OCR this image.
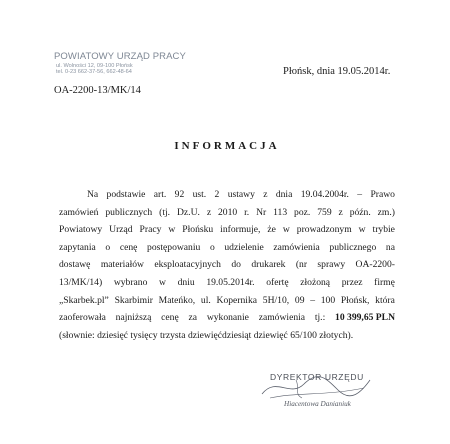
POWIATOWY URZĄD PRACY
ul. Wolności 12, 09-100 Płońsk
tel. 0-23 662-37-56, 662-48-64
OA-2200-13/MK/14
Płońsk, dnia 19.05.2014r.
INFORMACJA
Na podstawie art. 92 ust. 2 ustawy z dnia 19.04.2004r. – Prawo
zamówień publicznych (tj. Dz.U. z 2010 r. Nr 113 poz. 759 z późn. zm.)
Powiatowy Urząd Pracy w Płońsku informuje, że w prowadzonym w trybie
zapytania o cenę postępowaniu o udzielenie zamówienia publicznego na
dostawę materiałów eksploatacyjnych do drukarek (nr sprawy OA-2200-
13/MK/14) wybrano w dniu 19.05.2014r. ofertę złożoną przez firmę
„Skarbek.pl” Skarbimir Mateńko, ul. Kopernika 5H/10, 09 – 100 Płońsk, która
zaoferowała najniższą cenę za wykonanie zamówienia tj.: 10 399,65 PLN
(słownie: dziesięć tysięcy trzysta dziewięćdziesiąt dziewięć 65/100 złotych).
DYREKTOR URZĘDU
Hiacentowa Danianiuk
